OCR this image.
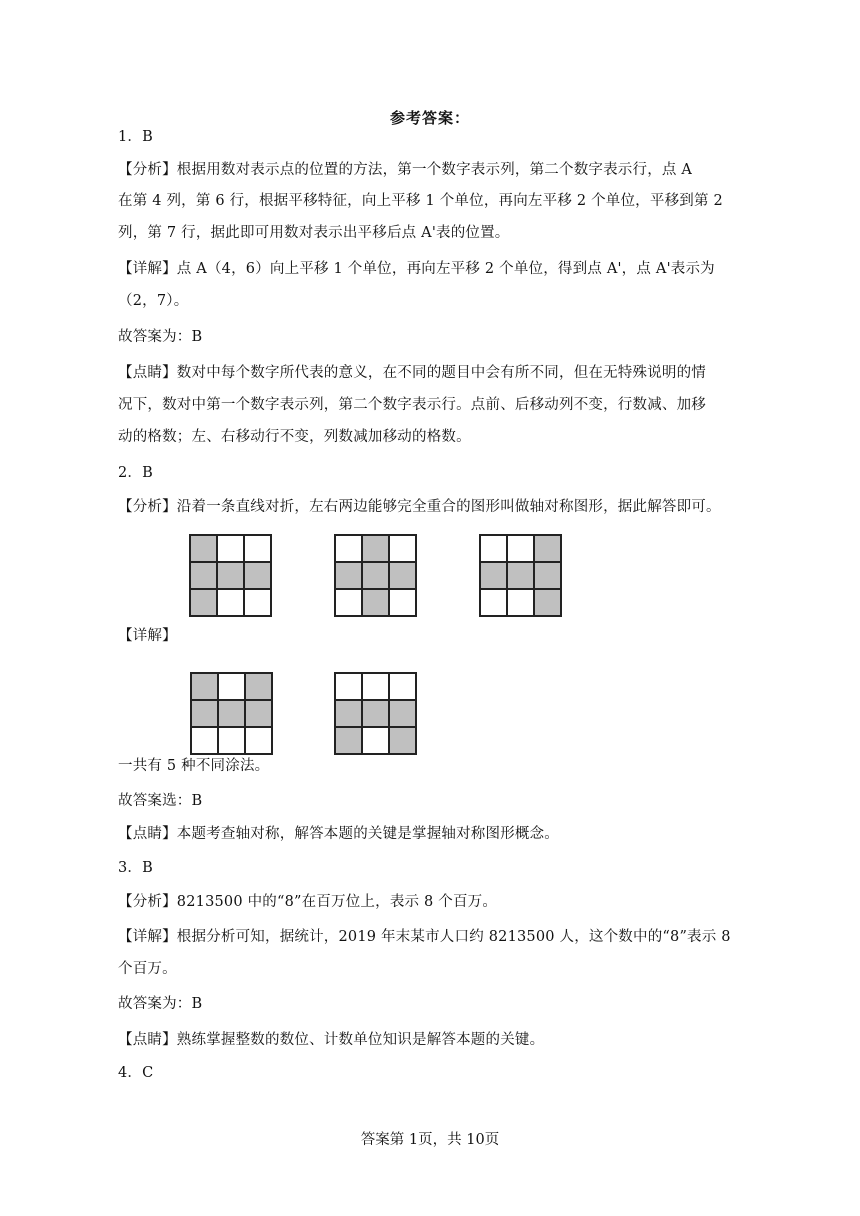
参考答案：
1．B
【分析】根据用数对表示点的位置的方法，第一个数字表示列，第二个数字表示行，点 A
在第 4 列，第 6 行，根据平移特征，向上平移 1 个单位，再向左平移 2 个单位，平移到第 2
列，第 7 行，据此即可用数对表示出平移后点 A'表的位置。
【详解】点 A（4，6）向上平移 1 个单位，再向左平移 2 个单位，得到点 A'，点 A'表示为
（2，7）。
故答案为：B
【点睛】数对中每个数字所代表的意义，在不同的题目中会有所不同，但在无特殊说明的情
况下，数对中第一个数字表示列，第二个数字表示行。点前、后移动列不变，行数减、加移
动的格数；左、右移动行不变，列数减加移动的格数。
2．B
【分析】沿着一条直线对折，左右两边能够完全重合的图形叫做轴对称图形，据此解答即可。
【详解】
一共有 5 种不同涂法。
故答案选：B
【点睛】本题考查轴对称，解答本题的关键是掌握轴对称图形概念。
3．B
【分析】8213500 中的“8”在百万位上，表示 8 个百万。
【详解】根据分析可知，据统计，2019 年末某市人口约 8213500 人，这个数中的“8”表示 8
个百万。
故答案为：B
【点睛】熟练掌握整数的数位、计数单位知识是解答本题的关键。
4．C
答案第 1页，共 10页
